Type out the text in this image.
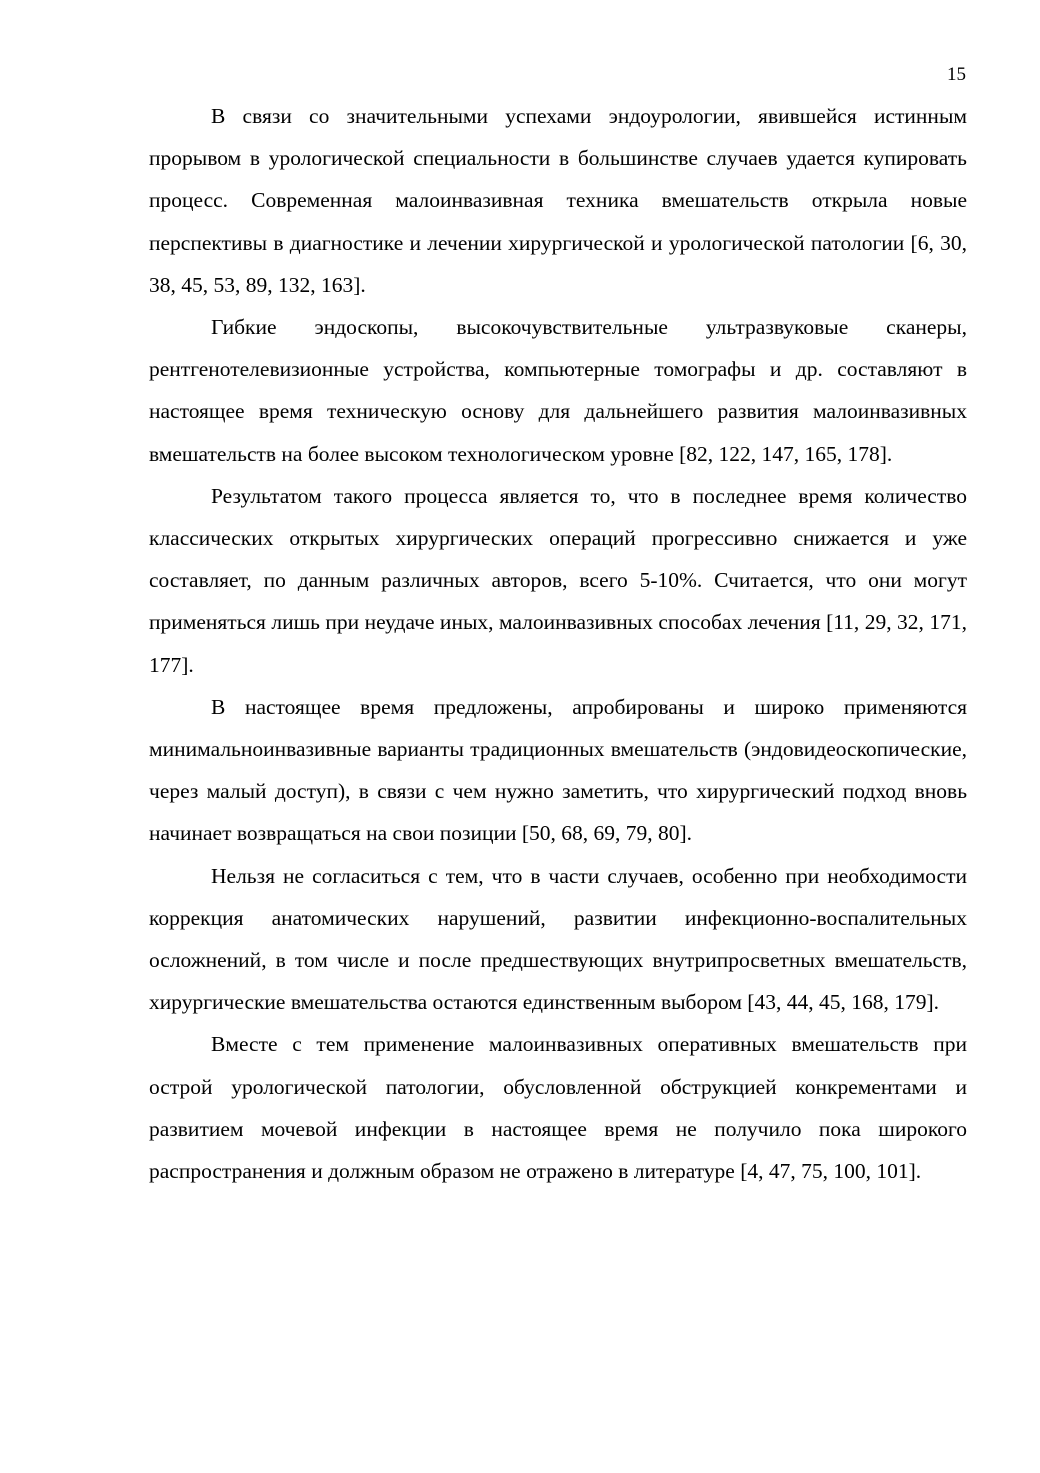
15

В связи со значительными успехами эндоурологии, явившейся истинным прорывом в урологической специальности в большинстве случаев удается купировать процесс. Современная малоинвазивная техника вмешательств открыла новые перспективы в диагностике и лечении хирургической и урологической патологии [6, 30, 38, 45, 53, 89, 132, 163].

Гибкие эндоскопы, высокочувствительные ультразвуковые сканеры, рентгенотелевизионные устройства, компьютерные томографы и др. составляют в настоящее время техническую основу для дальнейшего развития малоинвазивных вмешательств на более высоком технологическом уровне [82, 122, 147, 165, 178].

Результатом такого процесса является то, что в последнее время количество классических открытых хирургических операций прогрессивно снижается и уже составляет, по данным различных авторов, всего 5-10%. Считается, что они могут применяться лишь при неудаче иных, малоинвазивных способах лечения [11, 29, 32, 171, 177].

В настоящее время предложены, апробированы и широко применяются минимальноинвазивные варианты традиционных вмешательств (эндовидеоскопические, через малый доступ), в связи с чем нужно заметить, что хирургический подход вновь начинает возвращаться на свои позиции [50, 68, 69, 79, 80].

Нельзя не согласиться с тем, что в части случаев, особенно при необходимости коррекция анатомических нарушений, развитии инфекционно-воспалительных осложнений, в том числе и после предшествующих внутрипросветных вмешательств, хирургические вмешательства остаются единственным выбором [43, 44, 45, 168, 179].

Вместе с тем применение малоинвазивных оперативных вмешательств при острой урологической патологии, обусловленной обструкцией конкрементами и развитием мочевой инфекции в настоящее время не получило пока широкого распространения и должным образом не отражено в литературе [4, 47, 75, 100, 101].
